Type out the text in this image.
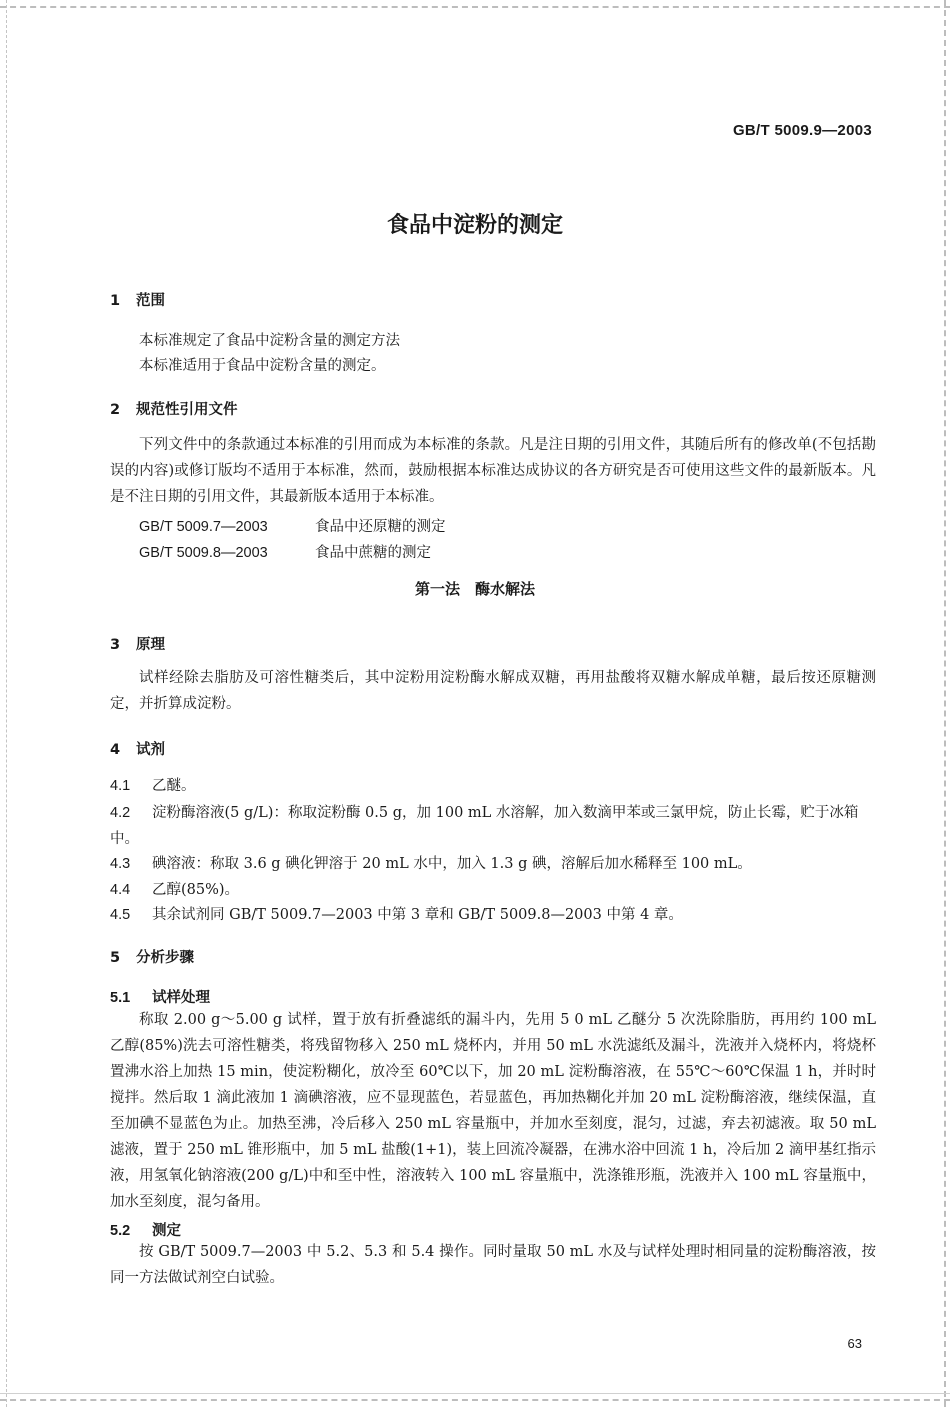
GB/T 5009.9—2003
食品中淀粉的测定
1 范围
本标准规定了食品中淀粉含量的测定方法
本标准适用于食品中淀粉含量的测定。
2 规范性引用文件
下列文件中的条款通过本标准的引用而成为本标准的条款。凡是注日期的引用文件，其随后所有的修改单(不包括勘误的内容)或修订版均不适用于本标准，然而，鼓励根据本标准达成协议的各方研究是否可使用这些文件的最新版本。凡是不注日期的引用文件，其最新版本适用于本标准。
GB/T 5009.7—2003	食品中还原糖的测定
GB/T 5009.8—2003	食品中蔗糖的测定
第一法　酶水解法
3 原理
试样经除去脂肪及可溶性糖类后，其中淀粉用淀粉酶水解成双糖，再用盐酸将双糖水解成单糖，最后按还原糖测定，并折算成淀粉。
4 试剂
4.1 乙醚。
4.2 淀粉酶溶液(5 g/L)：称取淀粉酶 0.5 g，加 100 mL 水溶解，加入数滴甲苯或三氯甲烷，防止长霉，贮于冰箱中。
4.3 碘溶液：称取 3.6 g 碘化钾溶于 20 mL 水中，加入 1.3 g 碘，溶解后加水稀释至 100 mL。
4.4 乙醇(85%)。
4.5 其余试剂同 GB/T 5009.7—2003 中第 3 章和 GB/T 5009.8—2003 中第 4 章。
5 分析步骤
5.1 试样处理
称取 2.00 g～5.00 g 试样，置于放有折叠滤纸的漏斗内，先用 5 0 mL 乙醚分 5 次洗除脂肪，再用约 100 mL 乙醇(85%)洗去可溶性糖类，将残留物移入 250 mL 烧杯内，并用 50 mL 水洗滤纸及漏斗，洗液并入烧杯内，将烧杯置沸水浴上加热 15 min，使淀粉糊化，放冷至 60℃以下，加 20 mL 淀粉酶溶液，在 55℃～60℃保温 1 h，并时时搅拌。然后取 1 滴此液加 1 滴碘溶液，应不显现蓝色，若显蓝色，再加热糊化并加 20 mL 淀粉酶溶液，继续保温，直至加碘不显蓝色为止。加热至沸，冷后移入 250 mL 容量瓶中，并加水至刻度，混匀，过滤，弃去初滤液。取 50 mL 滤液，置于 250 mL 锥形瓶中，加 5 mL 盐酸(1+1)，装上回流冷凝器，在沸水浴中回流 1 h，冷后加 2 滴甲基红指示液，用氢氧化钠溶液(200 g/L)中和至中性，溶液转入 100 mL 容量瓶中，洗涤锥形瓶，洗液并入 100 mL 容量瓶中，加水至刻度，混匀备用。
5.2 测定
按 GB/T 5009.7—2003 中 5.2、5.3 和 5.4 操作。同时量取 50 mL 水及与试样处理时相同量的淀粉酶溶液，按同一方法做试剂空白试验。
63
